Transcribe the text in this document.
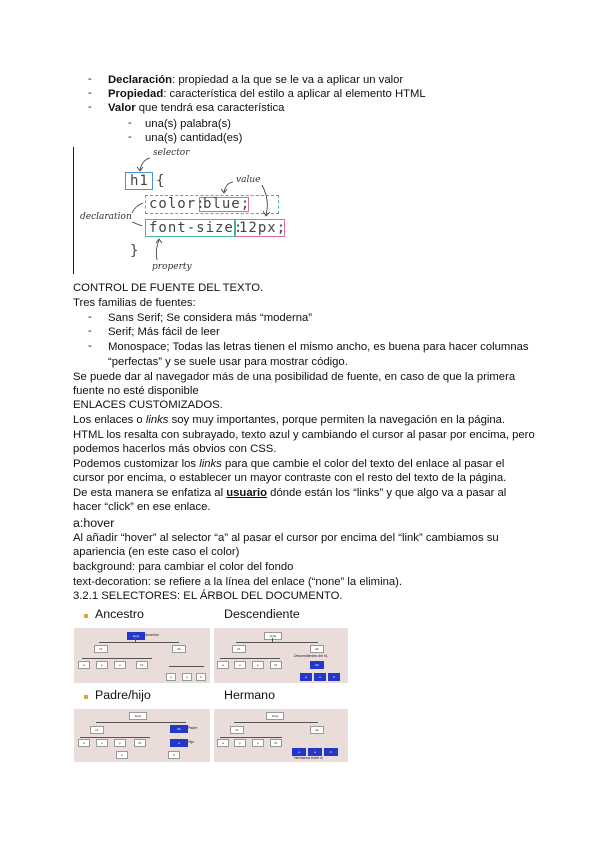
- Declaración: propiedad a la que se le va a aplicar un valor
- Propiedad: característica del estilo a aplicar al elemento HTML
- Valor que tendrá esa característica
- una(s) palabra(s)
- una(s) cantidad(es)
selector
value
declaration
property
h1 {
color:
blue;
font-size:
12px;
}
CONTROL DE FUENTE DEL TEXTO.
Tres familias de fuentes:
- Sans Serif; Se considera más “moderna”
- Serif; Más fácil de leer
- Monospace; Todas las letras tienen el mismo ancho, es buena para hacer columnas
“perfectas” y se suele usar para mostrar código.
Se puede dar al navegador más de una posibilidad de fuente, en caso de que la primera
fuente no esté disponible
ENLACES CUSTOMIZADOS.
Los enlaces o links soy muy importantes, porque permiten la navegación en la página.
HTML los resalta con subrayado, texto azul y cambiando el cursor al pasar por encima, pero
podemos hacerlos más obvios con CSS.
Podemos customizar los links para que cambie el color del texto del enlace al pasar el
cursor por encima, o establecer un mayor contraste con el resto del texto de la página.
De esta manera se enfatiza al usuario dónde están los “links” y que algo va a pasar al
hacer “click” en ese enlace.
a:hover
Al añadir “hover” al selector “a” al pasar el cursor por encima del “link” cambiamos su
apariencia (en este caso el color)
background: para cambiar el color del fondo
text-decoration: se refiere a la línea del enlace (“none” la elimina).
3.2.1 SELECTORES: EL ÁRBOL DEL DOCUMENTO.
Ancestro	Descendiente
body	Ancestro
h1	div
a	p	p	h1
a	a	b
body
h1	div
Descendientes del h1
a	p	p	h1	div
a	a	b
Padre/hijo	Hermano
body
h1	div	Padre
a	p	p	h1	a	Hijo
a	b
body
h1	div
a	p	p	h1
a	a	b
Hermanos entre si
